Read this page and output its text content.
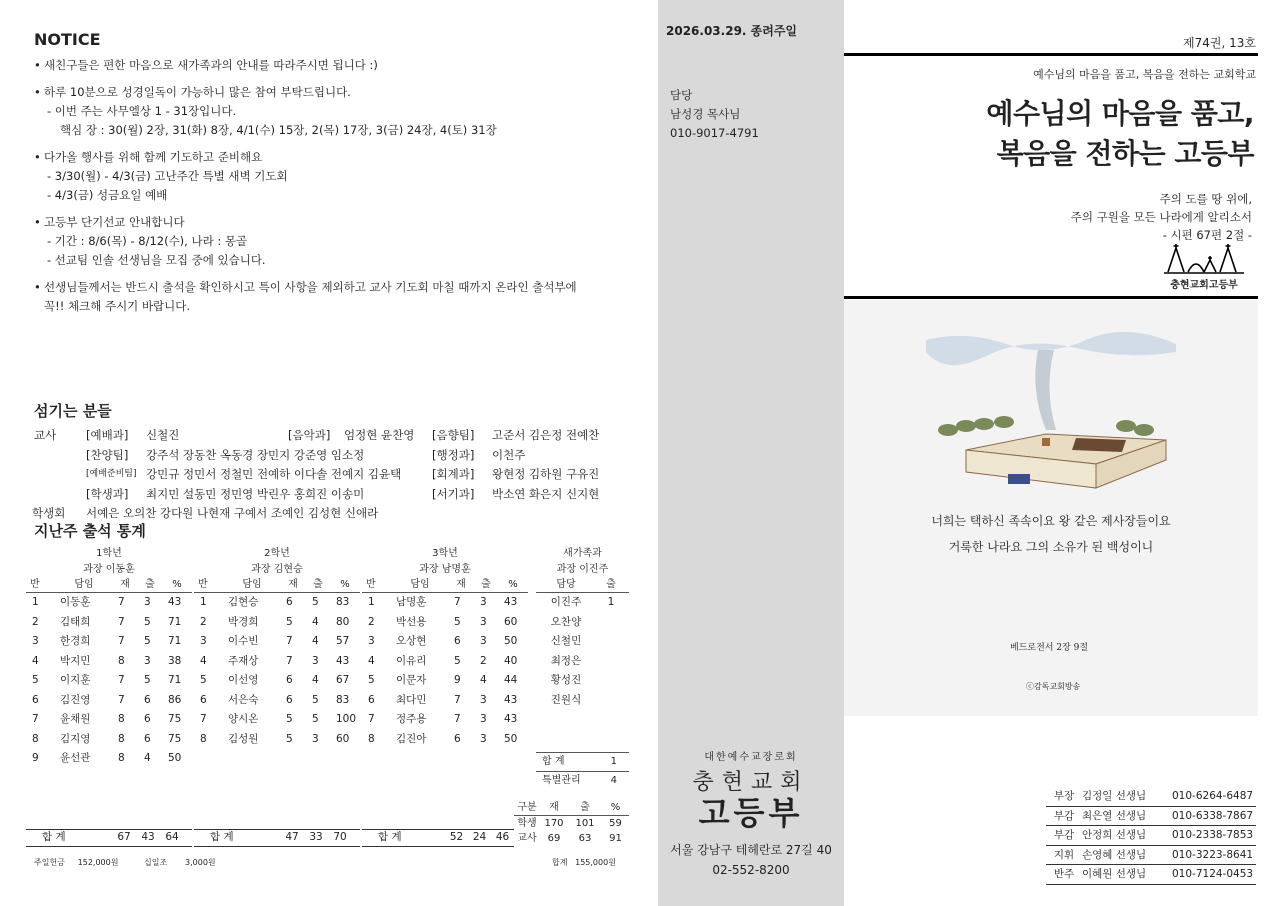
NOTICE
• 새친구들은 편한 마음으로 새가족과의 안내를 따라주시면 됩니다 :)
• 하루 10분으로 성경일독이 가능하니 많은 참여 부탁드립니다.
- 이번 주는 사무엘상 1 - 31장입니다.
핵심 장 : 30(월) 2장, 31(화) 8장, 4/1(수) 15장, 2(목) 17장, 3(금) 24장, 4(토) 31장
• 다가올 행사를 위해 함께 기도하고 준비해요
- 3/30(월) - 4/3(금) 고난주간 특별 새벽 기도회
- 4/3(금) 성금요일 예배
• 고등부 단기선교 안내합니다
- 기간 : 8/6(목) - 8/12(수), 나라 : 몽골
- 선교팀 인솔 선생님을 모집 중에 있습니다.
• 선생님들께서는 반드시 출석을 확인하시고 특이 사항을 제외하고 교사 기도회 마칠 때까지 온라인 출석부에
꼭!! 체크해 주시기 바랍니다.
섬기는 분들
교사	[예배과] 신철진	[음악과] 엄정현 윤찬영 [음향팀] 고준서 김은정 전예찬
[찬양팀] 강주석 장동찬 옥동경 장민지 강준영 임소정	[행정과] 이천주
[예배준비팀] 강민규 정민서 정철민 전예하 이다솔 전예지 김윤택	[회계과] 왕현정 김하원 구유진
[학생과] 최지민 설동민 정민영 박린우 홍희진 이송미	[서기과] 박소연 화은지 신지현
학생회 서예은 오의찬 강다원 나현재 구예서 조예인 김성현 신애라
지난주 출석 통계
1학년
과장 이동훈
반	담임	재	출	%
1	이동훈	7	3	43
2	김태희	7	5	71
3	한경희	7	5	71
4	박지민	8	3	38
5	이지훈	7	5	71
6	김진영	7	6	86
7	윤채원	8	6	75
8	김지영	8	6	75
9	윤선관	8	4	50
2학년
과장 김현승
반	담임	재	출	%
1	김현승	6	5	83
2	박경희	5	4	80
3	이수빈	7	4	57
4	주재상	7	3	43
5	이선영	6	4	67
6	서은숙	6	5	83
7	양시온	5	5	100
8	김성원	5	3	60
3학년
과장 남명훈
반	담임	재	출	%
1	남명훈	7	3	43
2	박선용	5	3	60
3	오상현	6	3	50
4	이유리	5	2	40
5	이문자	9	4	44
6	최다민	7	3	43
7	정주용	7	3	43
8	김진아	6	3	50
새가족과
과장 이진주
담당	출
이진주	1
오찬양
신철민
최정은
황성진
진원식
합 계	1
특별관리	4
구분	재	출	%
학생 170	101	59
교사	69	63	91
합 계	67	43	64	합 계	47	33	70	합 계	52 24 46
주일헌금 152,000원	십일조 3,000원	합계 155,000원
2026.03.29. 종려주일
담당
남성경 목사님
010-9017-4791
대한예수교장로회
충현교회
고등부
서울 강남구 테헤란로 27길 40
02-552-8200
제74권, 13호
예수님의 마음을 품고, 복음을 전하는 교회학교
예수님의 마음을 품고,
복음을 전하는 고등부
주의 도를 땅 위에,
주의 구원을 모든 나라에게 알리소서
- 시편 67편 2절 -
충현교회고등부
너희는 택하신 족속이요 왕 같은 제사장들이요
거룩한 나라요 그의 소유가 된 백성이니
베드로전서 2장 9절
ⓒ감독교회방송
부장 김정일 선생님	010-6264-6487
부감 최은열 선생님	010-6338-7867
부감 안정희 선생님	010-2338-7853
지휘 손영혜 선생님	010-3223-8641
반주 이혜원 선생님	010-7124-0453
